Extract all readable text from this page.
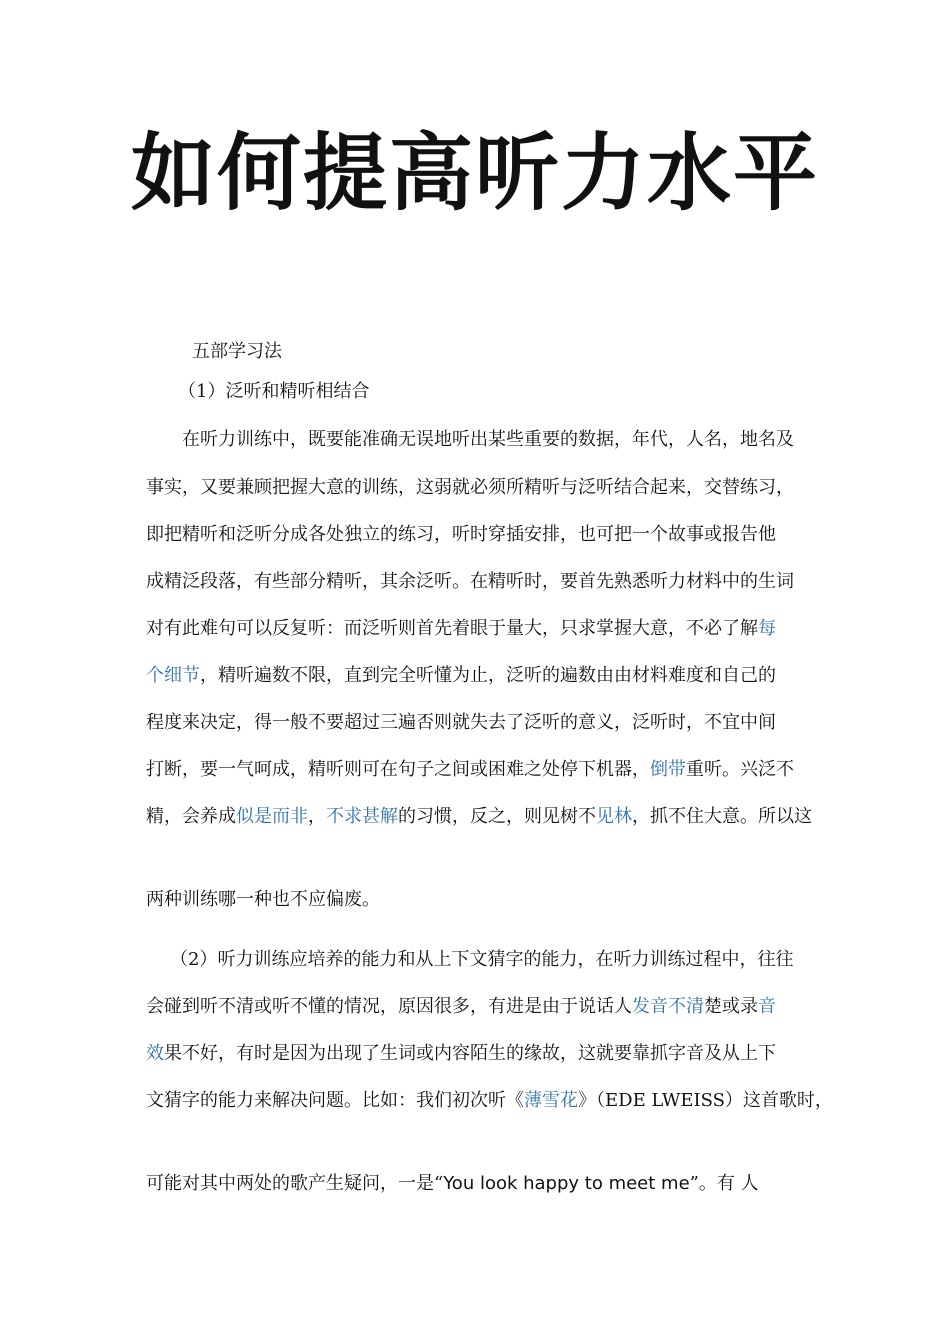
如何提高听力水平

五部学习法

（1）泛听和精听相结合

在听力训练中，既要能准确无误地听出某些重要的数据，年代，人名，地名及

事实，又要兼顾把握大意的训练，这弱就必须所精听与泛听结合起来，交替练习，

即把精听和泛听分成各处独立的练习，听时穿插安排，也可把一个故事或报告他

成精泛段落，有些部分精听，其余泛听。在精听时，要首先熟悉听力材料中的生词

对有此难句可以反复听：而泛听则首先着眼于量大，只求掌握大意，不必了解每

个细节，精听遍数不限，直到完全听懂为止，泛听的遍数由由材料难度和自己的

程度来决定，得一般不要超过三遍否则就失去了泛听的意义，泛听时，不宜中间

打断，要一气呵成，精听则可在句子之间或困难之处停下机器，倒带重听。兴泛不

精，会养成似是而非，不求甚解的习惯，反之，则见树不见林，抓不住大意。所以这

两种训练哪一种也不应偏废。

（2）听力训练应培养的能力和从上下文猜字的能力，在听力训练过程中，往往

会碰到听不清或听不懂的情况，原因很多，有进是由于说话人发音不清楚或录音

效果不好，有时是因为出现了生词或内容陌生的缘故，这就要靠抓字音及从上下

文猜字的能力来解决问题。比如：我们初次听《薄雪花》（EDE LWEISS）这首歌时，

可能对其中两处的歌产生疑问，一是“You look happy to meet me”。有 人
